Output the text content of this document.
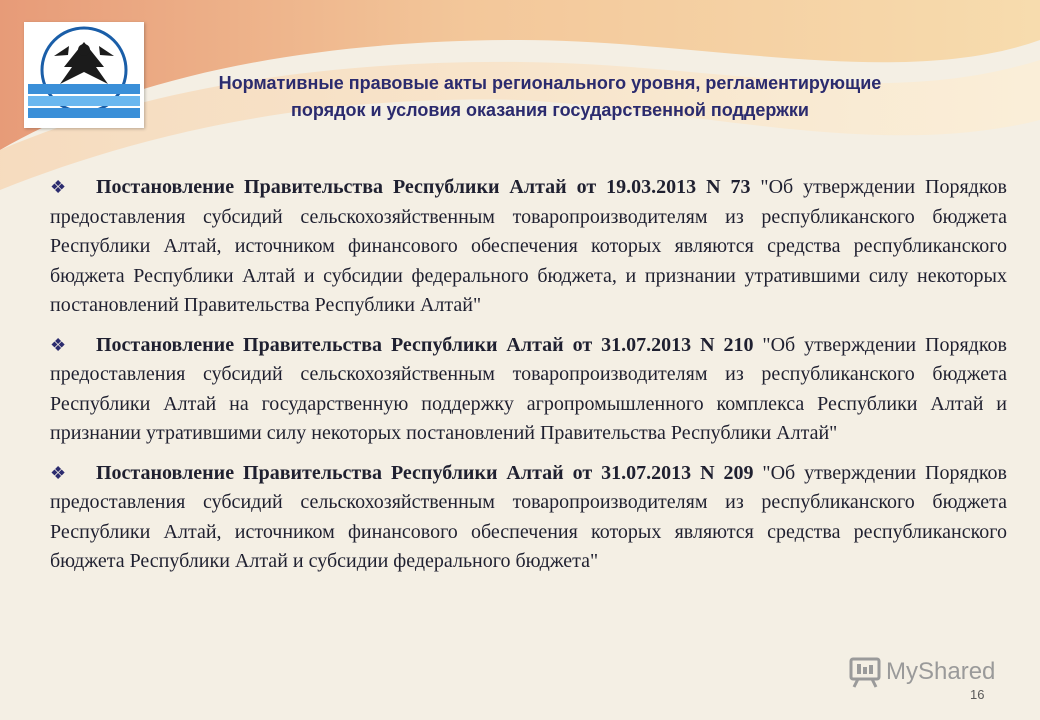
Нормативные правовые акты регионального уровня, регламентирующие
порядок и условия оказания государственной поддержки
❖ Постановление Правительства Республики Алтай от 19.03.2013 N 73 "Об утверждении Порядков предоставления субсидий сельскохозяйственным товаропроизводителям из республиканского бюджета Республики Алтай, источником финансового обеспечения которых являются средства республиканского бюджета Республики Алтай и субсидии федерального бюджета, и признании утратившими силу некоторых постановлений Правительства Республики Алтай"
❖ Постановление Правительства Республики Алтай от 31.07.2013 N 210 "Об утверждении Порядков предоставления субсидий сельскохозяйственным товаропроизводителям из республиканского бюджета Республики Алтай на государственную поддержку агропромышленного комплекса Республики Алтай и признании утратившими силу некоторых постановлений Правительства Республики Алтай"
❖ Постановление Правительства Республики Алтай от 31.07.2013 N 209 "Об утверждении Порядков предоставления субсидий сельскохозяйственным товаропроизводителям из республиканского бюджета Республики Алтай, источником финансового обеспечения которых являются средства республиканского бюджета Республики Алтай и субсидии федерального бюджета"
MyShared
16
